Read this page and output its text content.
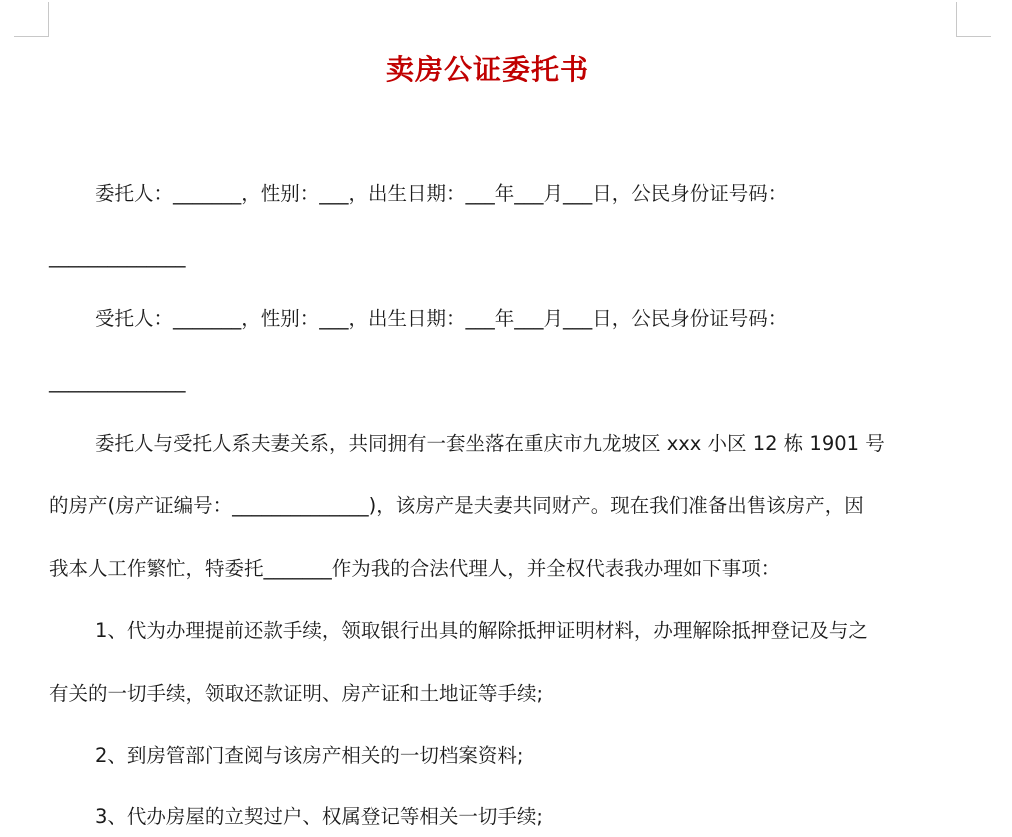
卖房公证委托书

委托人：_______，性别：___，出生日期：___年___月___日，公民身份证号码：

______________

受托人：_______，性别：___，出生日期：___年___月___日，公民身份证号码：

______________

委托人与受托人系夫妻关系，共同拥有一套坐落在重庆市九龙坡区 xxx 小区 12 栋 1901 号

的房产(房产证编号：______________)，该房产是夫妻共同财产。现在我们准备出售该房产，因

我本人工作繁忙，特委托_______作为我的合法代理人，并全权代表我办理如下事项：

1、代为办理提前还款手续，领取银行出具的解除抵押证明材料，办理解除抵押登记及与之

有关的一切手续，领取还款证明、房产证和土地证等手续;

2、到房管部门查阅与该房产相关的一切档案资料;

3、代办房屋的立契过户、权属登记等相关一切手续;
